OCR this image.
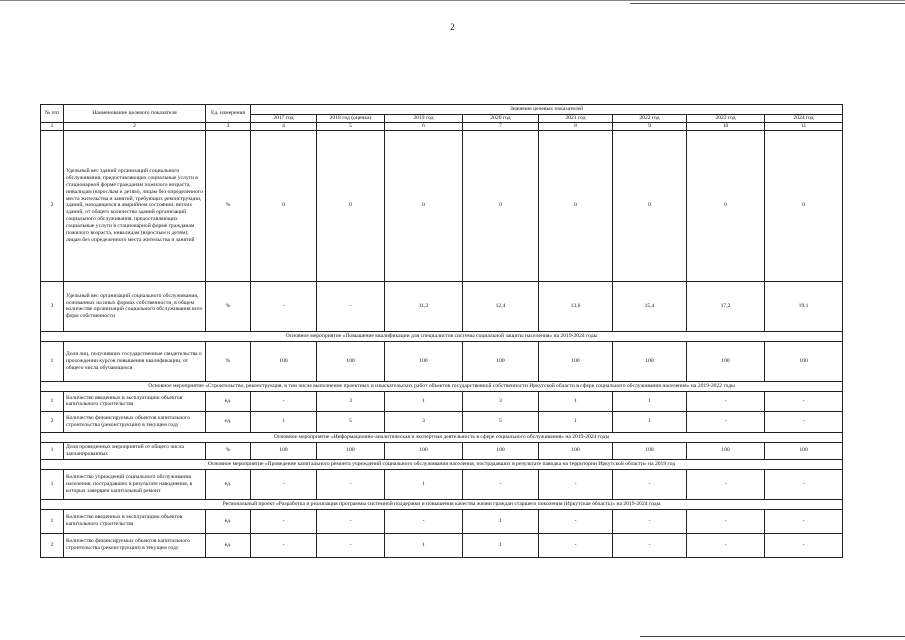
2
№ п/п	Наименование целевого показателя	Ед. измерения	Значение целевых показателей							
			2017 год	2018 год (оценка)	2019 год	2020 год	2021 год	2022 год	2023 год	2024 год
1	2	3	4	5	6	7	8	9	10	11
2	Удельный вес зданий организаций социального обслуживания, предоставляющих социальные услуги в стационарной форме гражданам пожилого возраста, инвалидам (взрослым и детям), лицам без определенного места жительства и занятий, требующих реконструкции, зданий, находящихся в аварийном состоянии, ветхих зданий, от общего количества зданий организаций социального обслуживания, предоставляющих социальные услуги в стационарной форме гражданам пожилого возраста, инвалидам (взрослым и детям), лицам без определенного места жительства и занятий	%	0	0	0	0	0	0	0	0
3	Удельный вес организаций социального обслуживания, основанных на иных формах собственности, в общем количестве организаций социального обслуживания всех форм собственности	%	-	-	11,2	12,4	13,6	15,4	17,2	19,1
Основное мероприятие «Повышение квалификации для специалистов системы социальной защиты населения» на 2019-2024 годы										
1	Доля лиц, получивших государственные свидетельства о прохождении курсов повышения квалификации, от общего числа обучающихся	%	100	100	100	100	100	100	100	100
Основное мероприятие «Строительство, реконструкция, в том числе выполнение проектных и изыскательских работ объектов государственной собственности Иркутской области в сфере социального обслуживания населения» на 2019-2022 годы										
1	Количество введенных в эксплуатацию объектов капитального строительства	ед.	-	3	1	3	1	1	-	-
2	Количество финансируемых объектов капитального строительства (реконструкции) в текущем году	ед.	1	5	3	5	1	1	-	-
Основное мероприятие «Информационно-аналитическая и экспертная деятельность в сфере социального обслуживания» на 2019-2024 годы										
1	Доля проведенных мероприятий от общего числа запланированных	%	100	100	100	100	100	100	100	100
Основное мероприятие «Проведение капитального ремонта учреждений социального обслуживания населения, пострадавших в результате паводка на территории Иркутской области» на 2019 год										
1	Количество учреждений социального обслуживания населения, пострадавших в результате наводнения, в которых завершен капитальный ремонт	ед.	-	-	1	-	-	-	-	-
Региональный проект «Разработка и реализация программы системной поддержки и повышения качества жизни граждан старшего поколения (Иркутская область)» на 2019-2024 годы										
1	Количество введенных в эксплуатацию объектов капитального строительства	ед.	-	-	-	1	-	-	-	-
2	Количество финансируемых объектов капитального строительства (реконструкции) в текущем году	ед.	-	-	1	1	-	-	-	-
